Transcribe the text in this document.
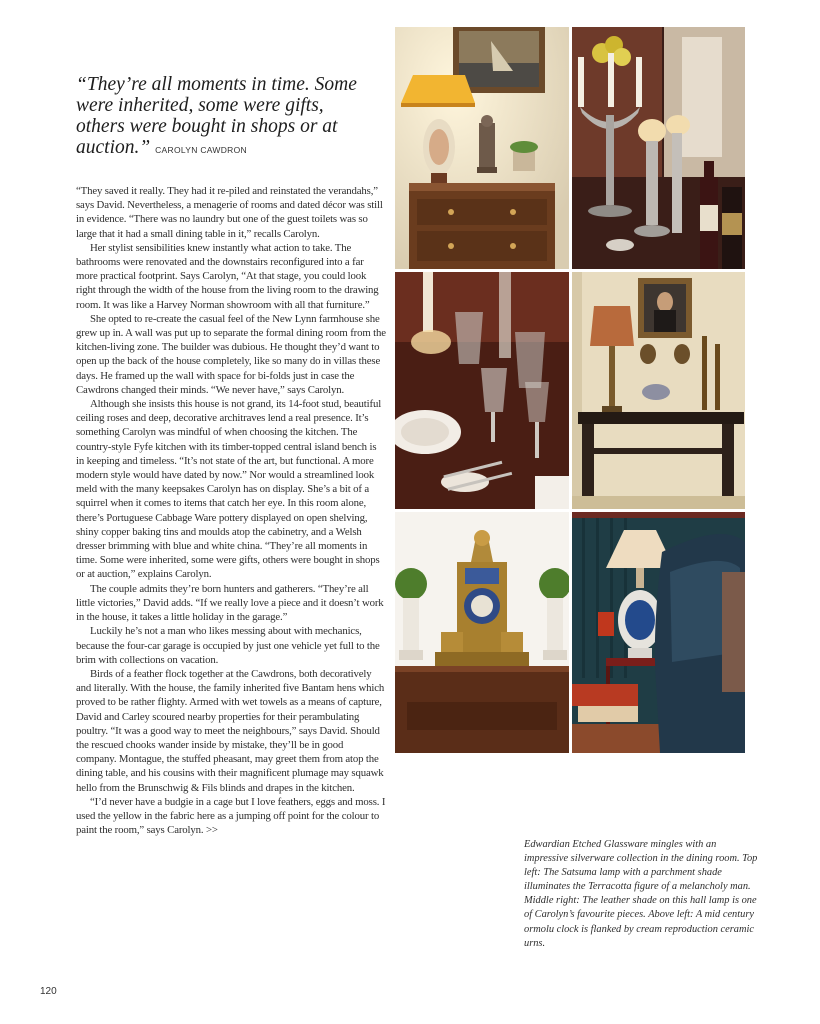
“They’re all moments in time. Some were inherited, some were gifts, others were bought in shops or at auction.” CAROLYN CAWDRON

“They saved it really. They had it re-piled and reinstated the verandahs,” says David. Nevertheless, a menagerie of rooms and dated décor was still in evidence. “There was no laundry but one of the guest toilets was so large that it had a small dining table in it,” recalls Carolyn.

Her stylist sensibilities knew instantly what action to take. The bathrooms were renovated and the downstairs reconfigured into a far more practical footprint. Says Carolyn, “At that stage, you could look right through the width of the house from the living room to the drawing room. It was like a Harvey Norman showroom with all that furniture.”

She opted to re-create the casual feel of the New Lynn farmhouse she grew up in. A wall was put up to separate the formal dining room from the kitchen-living zone. The builder was dubious. He thought they’d want to open up the back of the house completely, like so many do in villas these days. He framed up the wall with space for bi-folds just in case the Cawdrons changed their minds. “We never have,” says Carolyn.

Although she insists this house is not grand, its 14-foot stud, beautiful ceiling roses and deep, decorative architraves lend a real presence. It’s something Carolyn was mindful of when choosing the kitchen. The country-style Fyfe kitchen with its timber-topped central island bench is in keeping and timeless. “It’s not state of the art, but functional. A more modern style would have dated by now.” Nor would a streamlined look meld with the many keepsakes Carolyn has on display. She’s a bit of a squirrel when it comes to items that catch her eye. In this room alone, there’s Portuguese Cabbage Ware pottery displayed on open shelving, shiny copper baking tins and moulds atop the cabinetry, and a Welsh dresser brimming with blue and white china. “They’re all moments in time. Some were inherited, some were gifts, others were bought in shops or at auction,” explains Carolyn.

The couple admits they’re born hunters and gatherers. “They’re all little victories,” David adds. “If we really love a piece and it doesn’t work in the house, it takes a little holiday in the garage.”

Luckily he’s not a man who likes messing about with mechanics, because the four-car garage is occupied by just one vehicle yet full to the brim with collections on vacation.

Birds of a feather flock together at the Cawdrons, both decoratively and literally. With the house, the family inherited five Bantam hens which proved to be rather flighty. Armed with wet towels as a means of capture, David and Carley scoured nearby properties for their perambulating poultry. “It was a good way to meet the neighbours,” says David. Should the rescued chooks wander inside by mistake, they’ll be in good company. Montague, the stuffed pheasant, may greet them from atop the dining table, and his cousins with their magnificent plumage may squawk hello from the Brunschwig & Fils blinds and drapes in the kitchen.

“I’d never have a budgie in a cage but I love feathers, eggs and moss. I used the yellow in the fabric here as a jumping off point for the colour to paint the room,” says Carolyn. >>

Edwardian Etched Glassware mingles with an impressive silverware collection in the dining room. Top left: The Satsuma lamp with a parchment shade illuminates the Terracotta figure of a melancholy man. Middle right: The leather shade on this hall lamp is one of Carolyn’s favourite pieces. Above left: A mid century ormolu clock is flanked by cream reproduction ceramic urns.
120
